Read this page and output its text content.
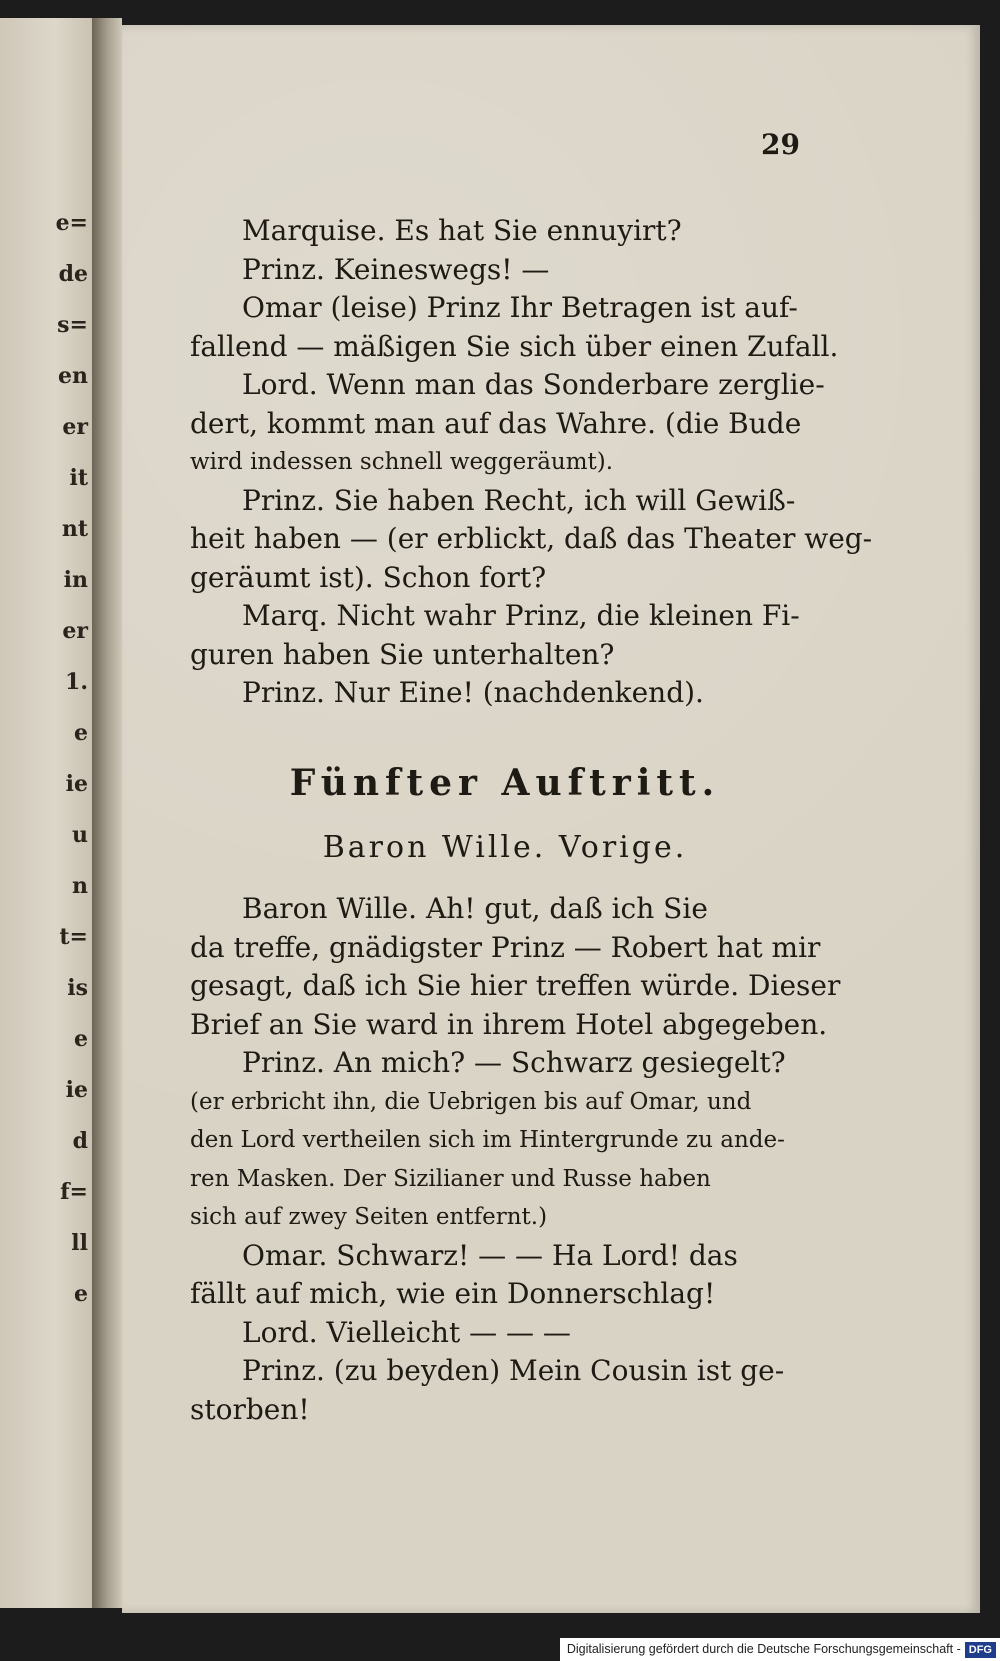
e=
de
s=
en
er
it
nt
in
er
1.
e
ie
u
n
t=
is
e
ie
d
f=
ll
e
29
Marquise. Es hat Sie ennuyirt?
Prinz. Keineswegs! —
Omar (leise) Prinz Ihr Betragen ist auf-
fallend — mäßigen Sie sich über einen Zufall.
Lord. Wenn man das Sonderbare zerglie-
dert, kommt man auf das Wahre. (die Bude
wird indessen schnell weggeräumt).
Prinz. Sie haben Recht, ich will Gewiß-
heit haben — (er erblickt, daß das Theater weg-
geräumt ist). Schon fort?
Marq. Nicht wahr Prinz, die kleinen Fi-
guren haben Sie unterhalten?
Prinz. Nur Eine! (nachdenkend).
Fünfter Auftritt.
Baron Wille. Vorige.
Baron Wille. Ah! gut, daß ich Sie
da treffe, gnädigster Prinz — Robert hat mir
gesagt, daß ich Sie hier treffen würde. Dieser
Brief an Sie ward in ihrem Hotel abgegeben.
Prinz. An mich? — Schwarz gesiegelt?
(er erbricht ihn, die Uebrigen bis auf Omar, und
den Lord vertheilen sich im Hintergrunde zu ande-
ren Masken. Der Sizilianer und Russe haben
sich auf zwey Seiten entfernt.)
Omar. Schwarz! — — Ha Lord! das
fällt auf mich, wie ein Donnerschlag!
Lord. Vielleicht — — —
Prinz. (zu beyden) Mein Cousin ist ge-
storben!
Digitalisierung gefördert durch die Deutsche Forschungsgemeinschaft - DFG
